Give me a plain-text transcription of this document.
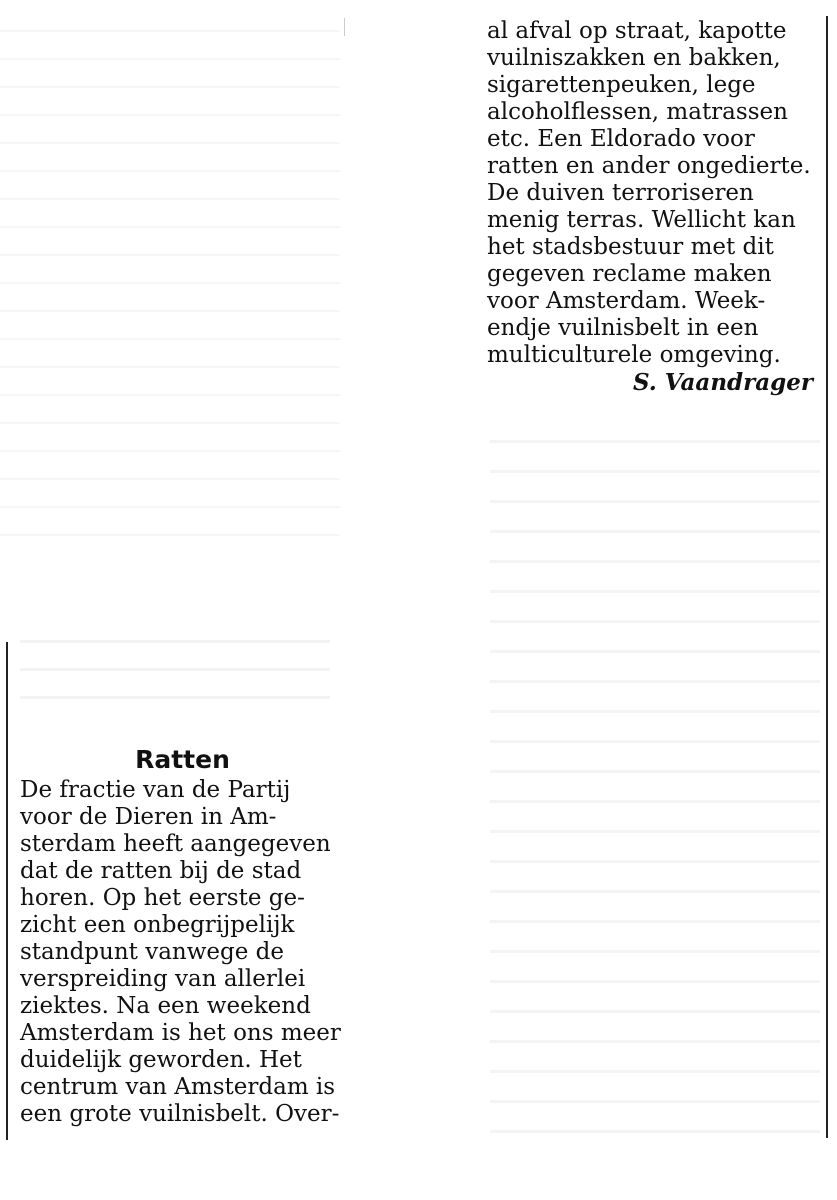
al afval op straat, kapotte
vuilniszakken en bakken,
sigarettenpeuken, lege
alcoholflessen, matrassen
etc. Een Eldorado voor
ratten en ander ongedierte.
De duiven terroriseren
menig terras. Wellicht kan
het stadsbestuur met dit
gegeven reclame maken
voor Amsterdam. Week-
endje vuilnisbelt in een
multiculturele omgeving.

S. Vaandrager

Ratten

De fractie van de Partij
voor de Dieren in Am-
sterdam heeft aangegeven
dat de ratten bij de stad
horen. Op het eerste ge-
zicht een onbegrijpelijk
standpunt vanwege de
verspreiding van allerlei
ziektes. Na een weekend
Amsterdam is het ons meer
duidelijk geworden. Het
centrum van Amsterdam is
een grote vuilnisbelt. Over-
